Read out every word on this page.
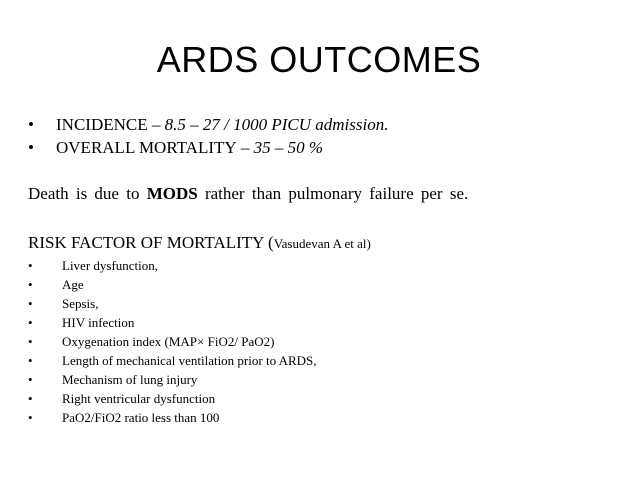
ARDS OUTCOMES
• INCIDENCE – 8.5 – 27 / 1000 PICU admission.
• OVERALL MORTALITY – 35 – 50 %
Death is due to MODS rather than pulmonary failure per se.
RISK FACTOR OF MORTALITY (Vasudevan A et al)
• Liver dysfunction,
• Age
• Sepsis,
• HIV infection
• Oxygenation index (MAP× FiO2/ PaO2)
• Length of mechanical ventilation prior to ARDS,
• Mechanism of lung injury
• Right ventricular dysfunction
• PaO2/FiO2 ratio less than 100
